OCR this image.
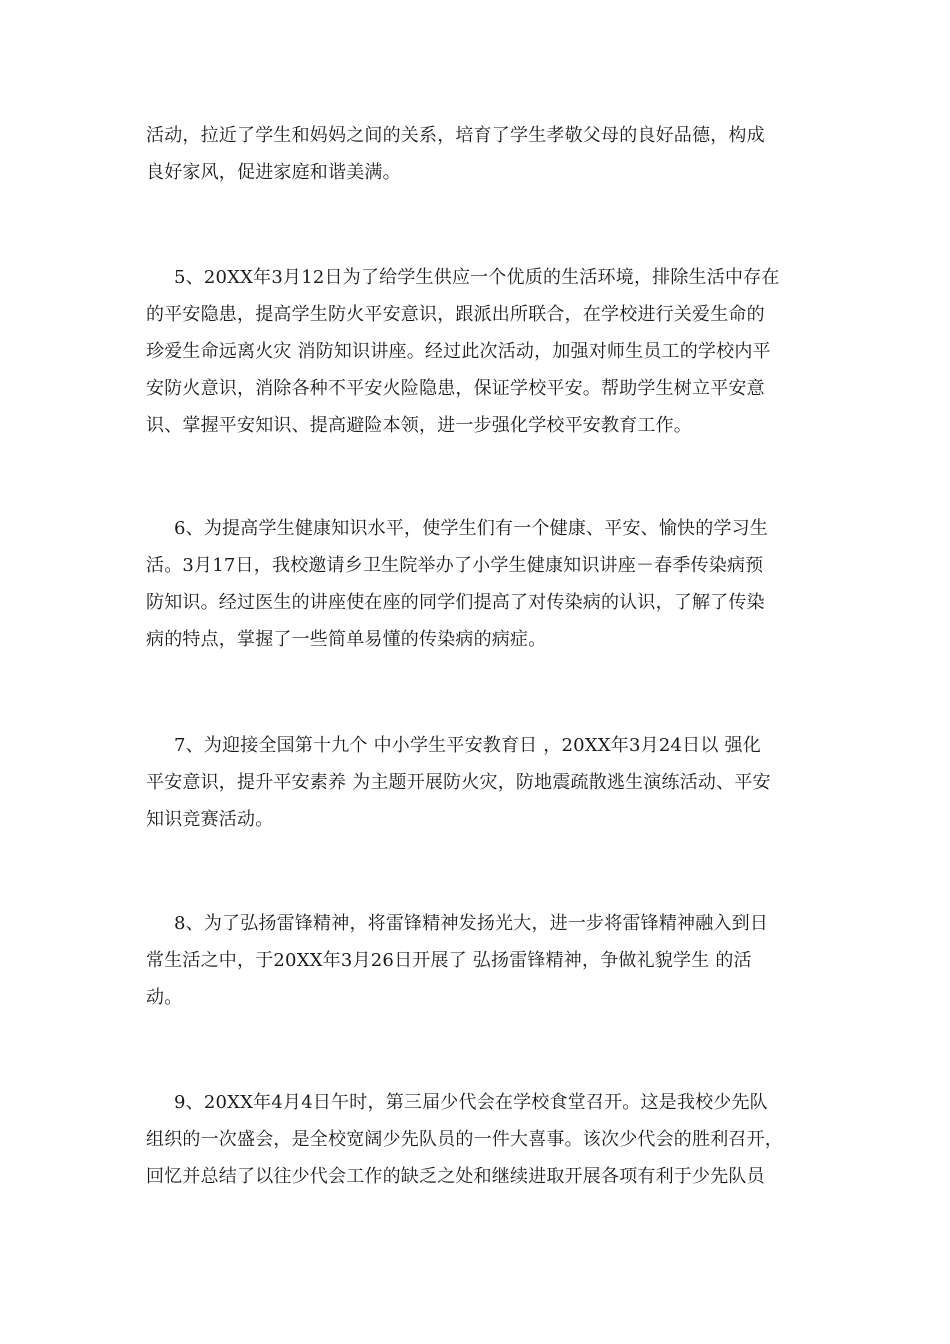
活动，拉近了学生和妈妈之间的关系，培育了学生孝敬父母的良好品德，构成
良好家风，促进家庭和谐美满。

5、20XX年3月12日为了给学生供应一个优质的生活环境，排除生活中存在
的平安隐患，提高学生防火平安意识，跟派出所联合，在学校进行关爱生命的
珍爱生命远离火灾 消防知识讲座。经过此次活动，加强对师生员工的学校内平
安防火意识，消除各种不平安火险隐患，保证学校平安。帮助学生树立平安意
识、掌握平安知识、提高避险本领，进一步强化学校平安教育工作。

6、为提高学生健康知识水平，使学生们有一个健康、平安、愉快的学习生
活。3月17日，我校邀请乡卫生院举办了小学生健康知识讲座－春季传染病预
防知识。经过医生的讲座使在座的同学们提高了对传染病的认识，了解了传染
病的特点，掌握了一些简单易懂的传染病的病症。

7、为迎接全国第十九个 中小学生平安教育日 ，20XX年3月24日以 强化
平安意识，提升平安素养 为主题开展防火灾，防地震疏散逃生演练活动、平安
知识竞赛活动。

8、为了弘扬雷锋精神，将雷锋精神发扬光大，进一步将雷锋精神融入到日
常生活之中，于20XX年3月26日开展了 弘扬雷锋精神，争做礼貌学生 的活
动。

9、20XX年4月4日午时，第三届少代会在学校食堂召开。这是我校少先队
组织的一次盛会，是全校宽阔少先队员的一件大喜事。该次少代会的胜利召开，
回忆并总结了以往少代会工作的缺乏之处和继续进取开展各项有利于少先队员
